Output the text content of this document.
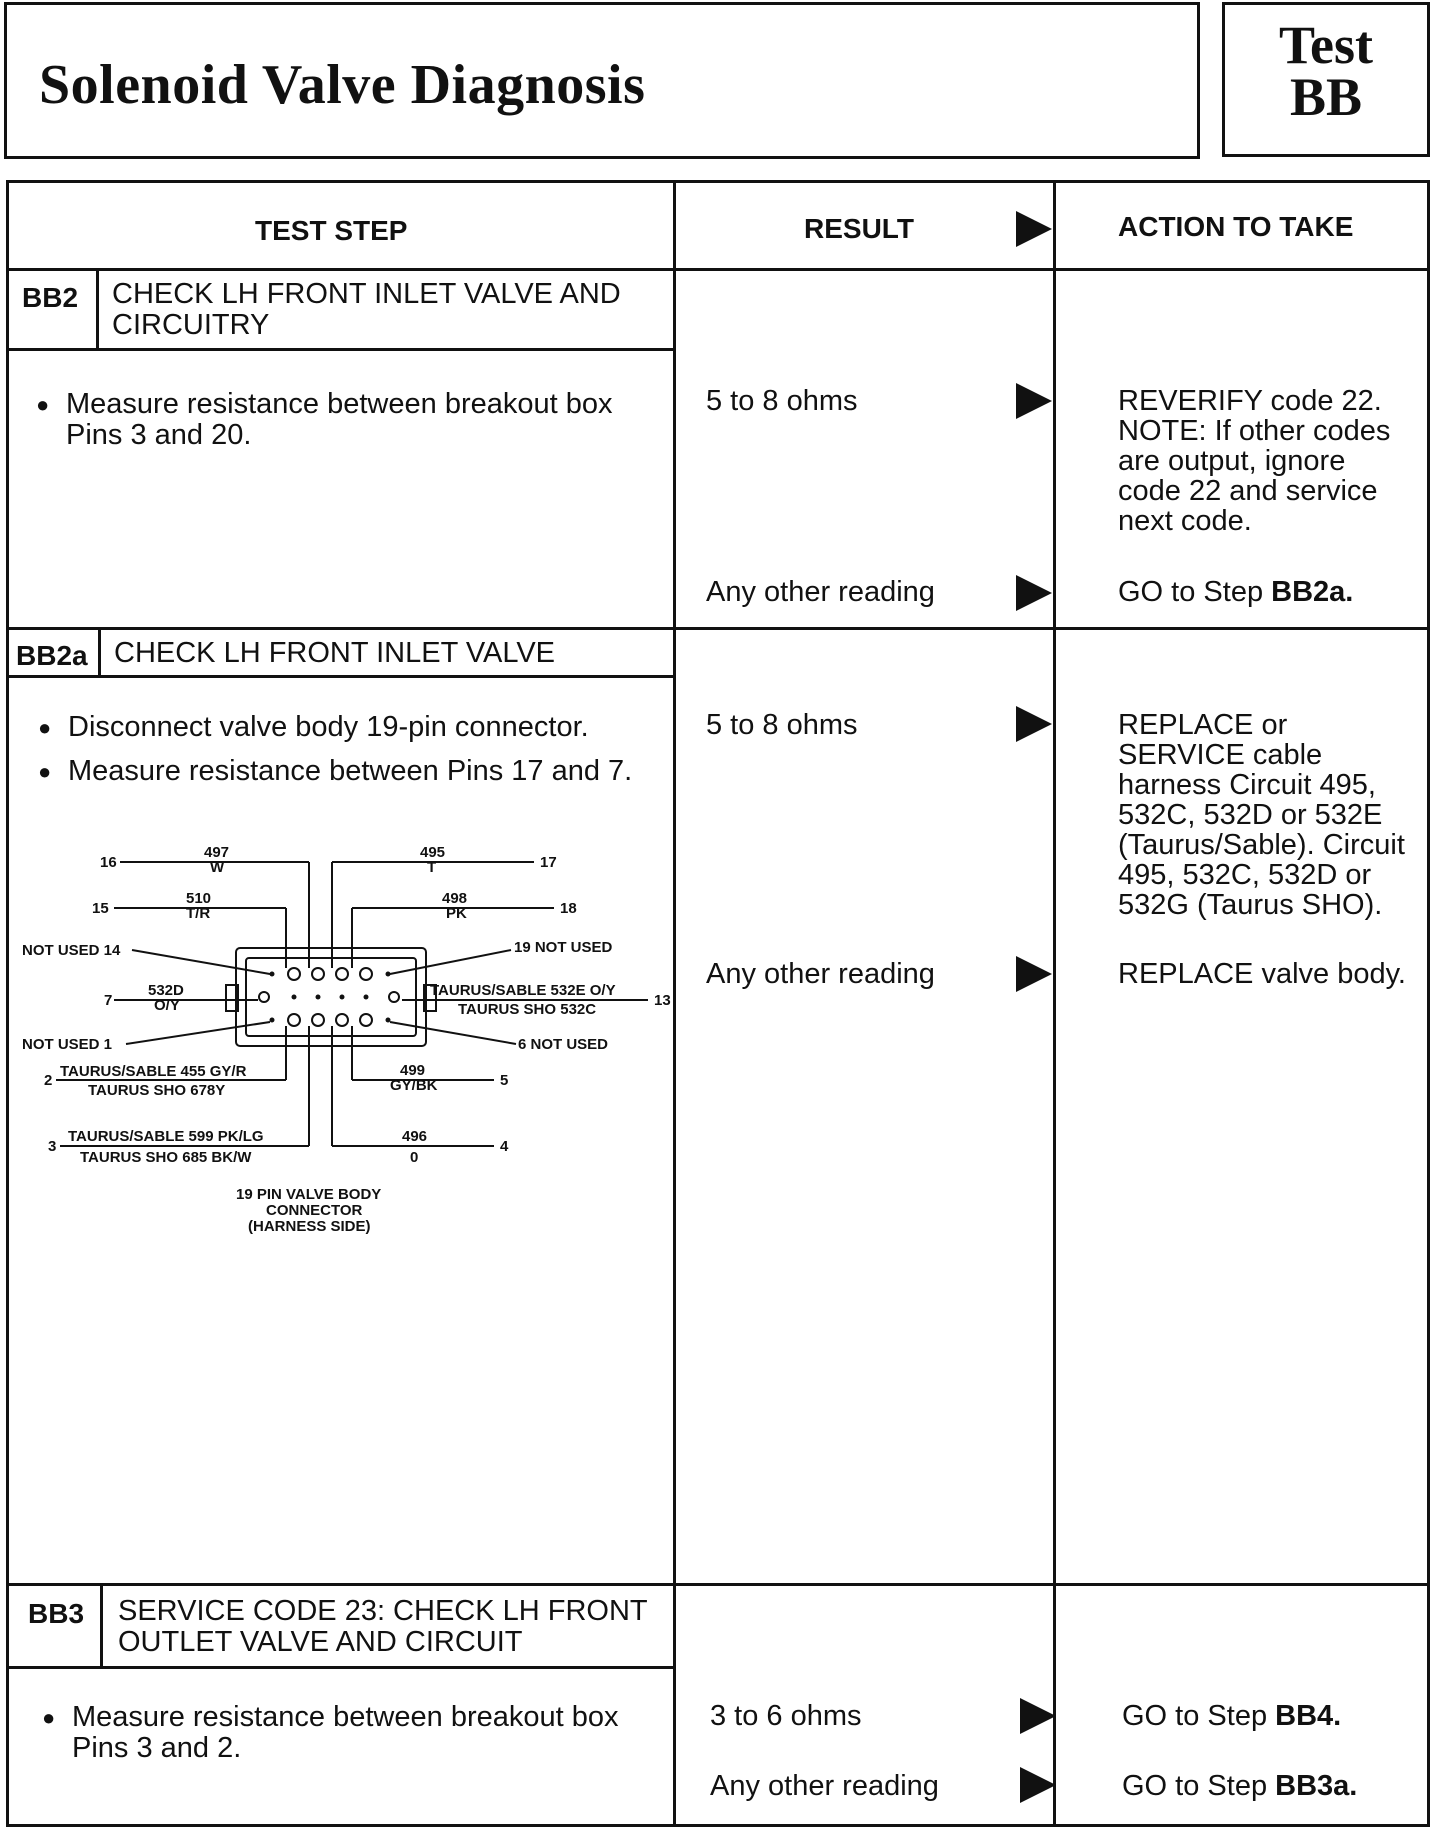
Solenoid Valve Diagnosis
Test
BB
TEST STEP	RESULT	ACTION TO TAKE
BB2 CHECK LH FRONT INLET VALVE AND CIRCUITRY
● Measure resistance between breakout box Pins 3 and 20.
5 to 8 ohms	REVERIFY code 22.
NOTE: If other codes
are output, ignore
code 22 and service
next code.
Any other reading	GO to Step BB2a.
BB2a CHECK LH FRONT INLET VALVE
● Disconnect valve body 19-pin connector.
● Measure resistance between Pins 17 and 7.
5 to 8 ohms	REPLACE or
SERVICE cable
harness Circuit 495,
532C, 532D or 532E
(Taurus/Sable). Circuit
495, 532C, 532D or
532G (Taurus SHO).
Any other reading	REPLACE valve body.
16
497
W
495
T	17
15
510
T/R
498
PK	18
NOT USED 14	19 NOT USED
7
532D
O/Y
TAURUS/SABLE 532E O/Y
TAURUS SHO 532C
13
NOT USED 1	6 NOT USED
2
TAURUS/SABLE 455 GY/R
TAURUS SHO 678Y
499
GY/BK	5
3
TAURUS/SABLE 599 PK/LG
TAURUS SHO 685 BK/W
496
0
4
19 PIN VALVE BODY
CONNECTOR
(HARNESS SIDE)
BB3 SERVICE CODE 23: CHECK LH FRONT OUTLET VALVE AND CIRCUIT
● Measure resistance between breakout box Pins 3 and 2.
3 to 6 ohms	GO to Step BB4.
Any other reading	GO to Step BB3a.
